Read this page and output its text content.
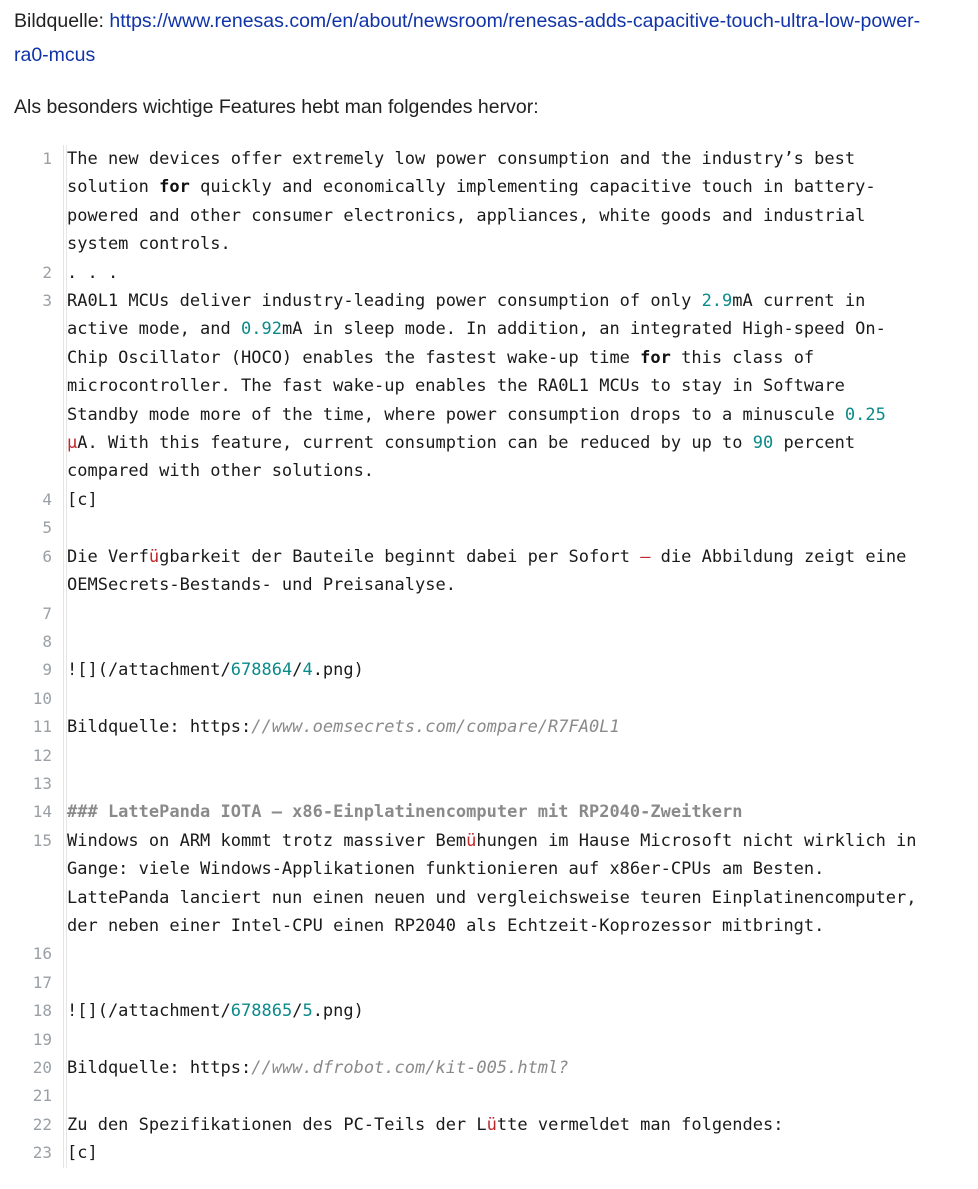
Bildquelle: https://www.renesas.com/en/about/newsroom/renesas-adds-capacitive-touch-ultra-low-power-ra0-mcus
Als besonders wichtige Features hebt man folgendes hervor:
1 The new devices offer extremely low power consumption and the industry’s best solution for quickly and economically implementing capacitive touch in battery-powered and other consumer electronics, appliances, white goods and industrial system controls.
2 . . .
3 RA0L1 MCUs deliver industry-leading power consumption of only 2.9mA current in active mode, and 0.92mA in sleep mode. In addition, an integrated High-speed On-Chip Oscillator (HOCO) enables the fastest wake-up time for this class of microcontroller. The fast wake-up enables the RA0L1 MCUs to stay in Software Standby mode more of the time, where power consumption drops to a minuscule 0.25 µA. With this feature, current consumption can be reduced by up to 90 percent compared with other solutions.
4 [c]
5
6 Die Verfügbarkeit der Bauteile beginnt dabei per Sofort – die Abbildung zeigt eine OEMSecrets-Bestands- und Preisanalyse.
7
8
9 ![](/attachment/678864/4.png)
10
11 Bildquelle: https://www.oemsecrets.com/compare/R7FA0L1
12
13
14 ### LattePanda IOTA – x86-Einplatinencomputer mit RP2040-Zweitkern
15 Windows on ARM kommt trotz massiver Bemühungen im Hause Microsoft nicht wirklich in Gange: viele Windows-Applikationen funktionieren auf x86er-CPUs am Besten. LattePanda lanciert nun einen neuen und vergleichsweise teuren Einplatinencomputer, der neben einer Intel-CPU einen RP2040 als Echtzeit-Koprozessor mitbringt.
16
17
18 ![](/attachment/678865/5.png)
19
20 Bildquelle: https://www.dfrobot.com/kit-005.html?
21
22 Zu den Spezifikationen des PC-Teils der Lütte vermeldet man folgendes:
23 [c]
